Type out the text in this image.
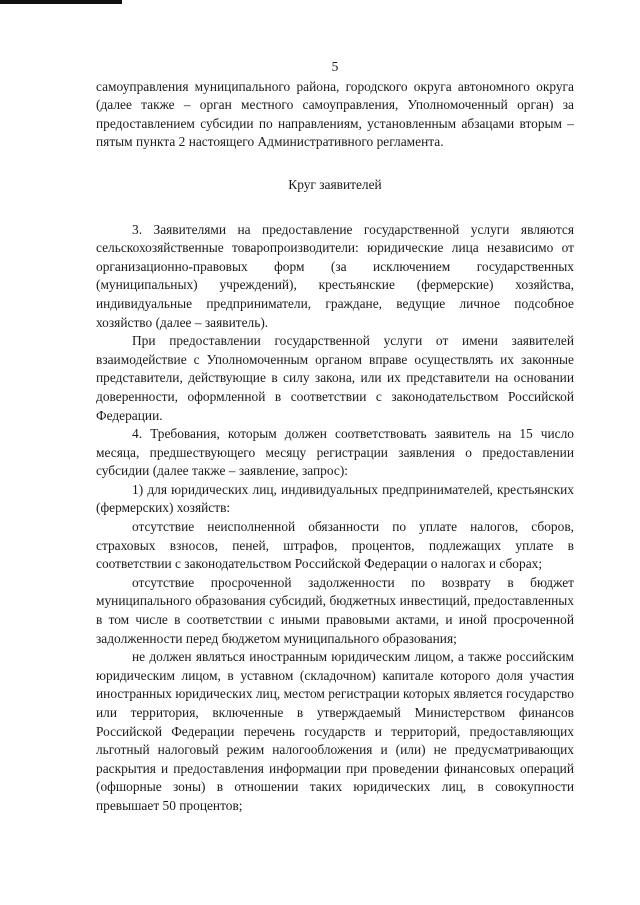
5

самоуправления муниципального района, городского округа автономного округа (далее также – орган местного самоуправления, Уполномоченный орган) за предоставлением субсидии по направлениям, установленным абзацами вторым – пятым пункта 2 настоящего Административного регламента.

Круг заявителей

3. Заявителями на предоставление государственной услуги являются сельскохозяйственные товаропроизводители: юридические лица независимо от организационно-правовых форм (за исключением государственных (муниципальных) учреждений), крестьянские (фермерские) хозяйства, индивидуальные предприниматели, граждане, ведущие личное подсобное хозяйство (далее – заявитель).

При предоставлении государственной услуги от имени заявителей взаимодействие с Уполномоченным органом вправе осуществлять их законные представители, действующие в силу закона, или их представители на основании доверенности, оформленной в соответствии с законодательством Российской Федерации.

4. Требования, которым должен соответствовать заявитель на 15 число месяца, предшествующего месяцу регистрации заявления о предоставлении субсидии (далее также – заявление, запрос):

1) для юридических лиц, индивидуальных предпринимателей, крестьянских (фермерских) хозяйств:

отсутствие неисполненной обязанности по уплате налогов, сборов, страховых взносов, пеней, штрафов, процентов, подлежащих уплате в соответствии с законодательством Российской Федерации о налогах и сборах;

отсутствие просроченной задолженности по возврату в бюджет муниципального образования субсидий, бюджетных инвестиций, предоставленных в том числе в соответствии с иными правовыми актами, и иной просроченной задолженности перед бюджетом муниципального образования;

не должен являться иностранным юридическим лицом, а также российским юридическим лицом, в уставном (складочном) капитале которого доля участия иностранных юридических лиц, местом регистрации которых является государство или территория, включенные в утверждаемый Министерством финансов Российской Федерации перечень государств и территорий, предоставляющих льготный налоговый режим налогообложения и (или) не предусматривающих раскрытия и предоставления информации при проведении финансовых операций (офшорные зоны) в отношении таких юридических лиц, в совокупности превышает 50 процентов;
